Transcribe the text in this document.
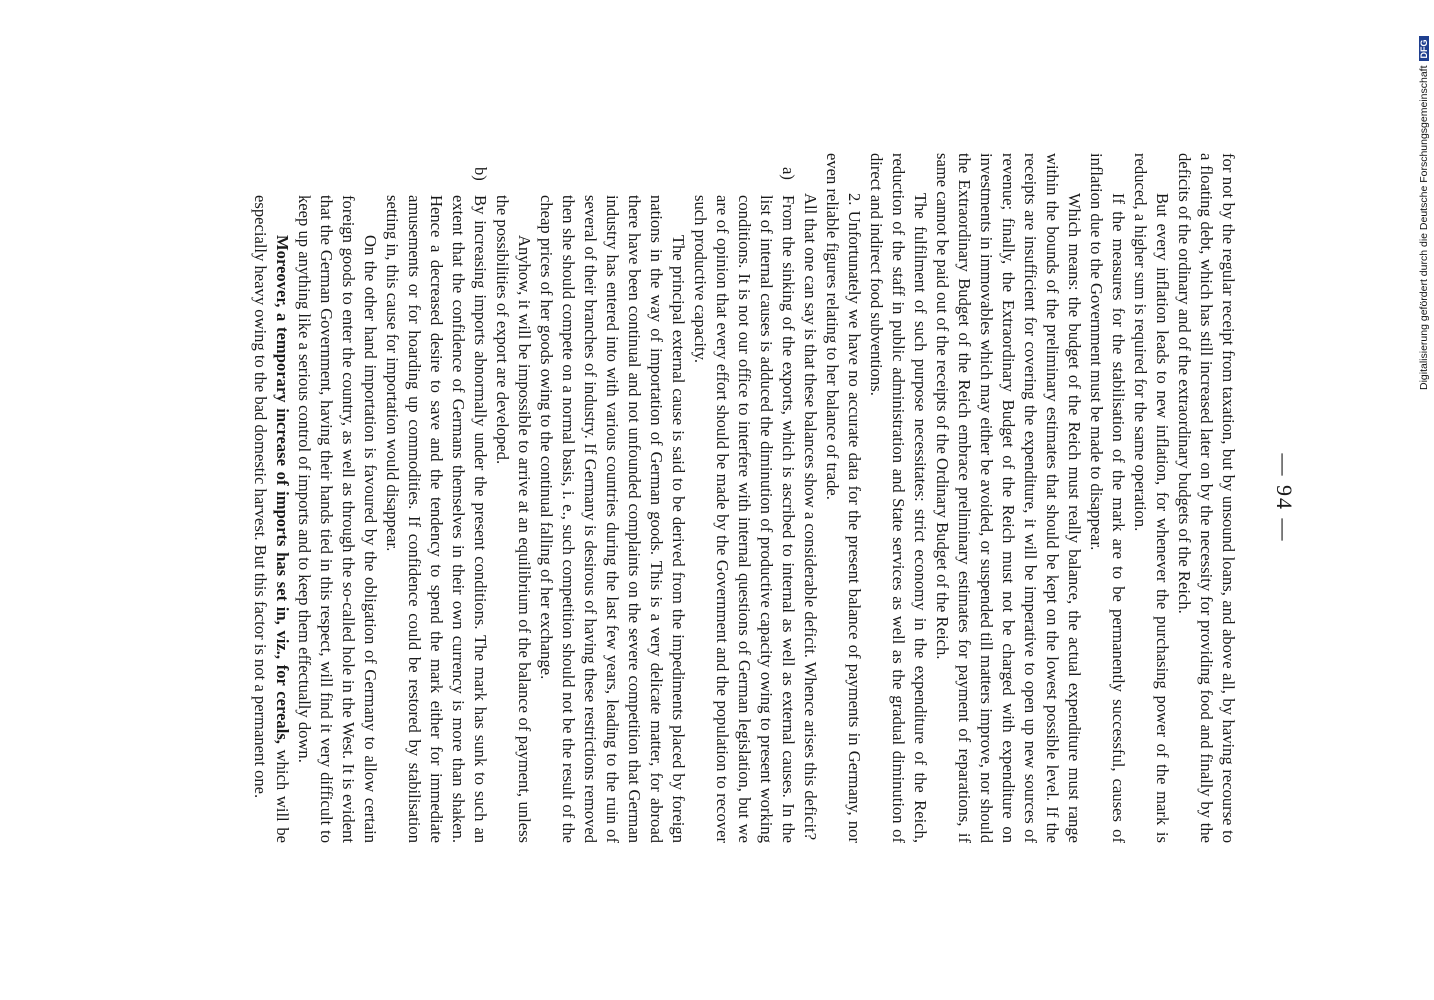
— 94 —

for not by the regular receipt from taxation, but by unsound loans, and above all, by having recourse to a floating debt, which has still increased later on by the necessity for providing food and finally by the deficits of the ordinary and of the extraordinary budgets of the Reich.

But every inflation leads to new inflation, for whenever the purchasing power of the mark is reduced, a higher sum is required for the same operation.

If the measures for the stabilisation of the mark are to be permanently successful, causes of inflation due to the Government must be made to disappear.

Which means: the budget of the Reich must really balance, the actual expenditure must range within the bounds of the preliminary estimates that should be kept on the lowest possible level. If the receipts are insufficient for covering the expenditure, it will be imperative to open up new sources of revenue; finally, the Extraordinary Budget of the Reich must not be charged with expenditure on investments in immovables which may either be avoided, or suspended till matters improve, nor should the Extraordinary Budget of the Reich embrace preliminary estimates for payment of reparations, if same cannot be paid out of the receipts of the Ordinary Budget of the Reich.

The fulfilment of such purpose necessitates: strict economy in the expenditure of the Reich, reduction of the staff in public administration and State services as well as the gradual diminution of direct and indirect food subventions.

2. Unfortunately we have no accurate data for the present balance of payments in Germany, nor even reliable figures relating to her balance of trade.

All that one can say is that these balances show a considerable deficit. Whence arises this deficit?

a)
From the sinking of the exports, which is ascribed to internal as well as external causes. In the list of internal causes is adduced the diminution of productive capacity owing to present working conditions. It is not our office to interfere with internal questions of German legislation, but we are of opinion that every effort should be made by the Government and the population to recover such productive capacity.

The principal external cause is said to be derived from the impediments placed by foreign nations in the way of importation of German goods. This is a very delicate matter, for abroad there have been continual and not unfounded complaints on the severe competition that German industry has entered into with various countries during the last few years, leading to the ruin of several of their branches of industry. If Germany is desirous of having these restrictions removed then she should compete on a normal basis, i. e., such competition should not be the result of the cheap prices of her goods owing to the continual falling of her exchange.

Anyhow, it will be impossible to arrive at an equilibrium of the balance of payment, unless the possibilities of export are developed.

b)
By increasing imports abnormally under the present conditions. The mark has sunk to such an extent that the confidence of Germans themselves in their own currency is more than shaken. Hence a decreased desire to save and the tendency to spend the mark either for immediate amusements or for hoarding up commodities. If confidence could be restored by stabilisation setting in, this cause for importation would disappear.

On the other hand importation is favoured by the obligation of Germany to allow certain foreign goods to enter the country, as well as through the so-called hole in the West. It is evident that the German Government, having their hands tied in this respect, will find it very difficult to keep up anything like a serious control of imports and to keep them effectually down.

Moreover, a temporary increase of imports has set in, viz., for cereals, which will be especially heavy owing to the bad domestic harvest. But this factor is not a permanent one.	Digitalisierung gefördert durch die Deutsche ForschungsgemeinschaftDFG
